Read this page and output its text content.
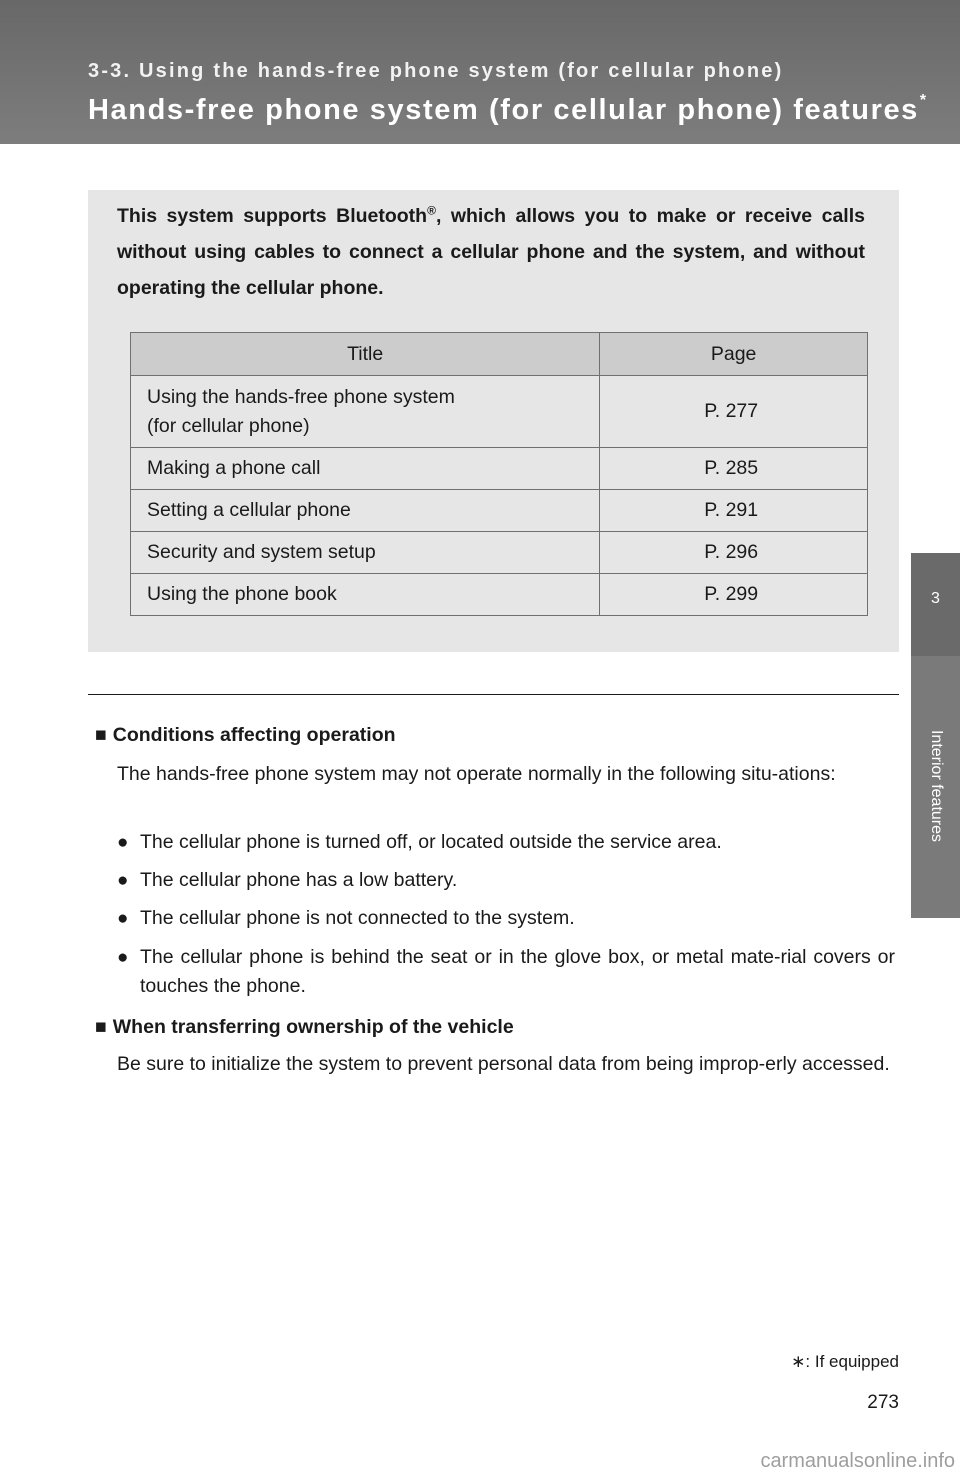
3-3. Using the hands-free phone system (for cellular phone)
Hands-free phone system (for cellular phone) features*
3
Interior features
This system supports Bluetooth®, which allows you to make or receive calls without using cables to connect a cellular phone and the system, and without operating the cellular phone.
Title	Page
Using the hands-free phone system
(for cellular phone)	P. 277
Making a phone call	P. 285
Setting a cellular phone	P. 291
Security and system setup	P. 296
Using the phone book	P. 299
■ Conditions affecting operation
The hands-free phone system may not operate normally in the following situ-ations:
● The cellular phone is turned off, or located outside the service area.
● The cellular phone has a low battery.
● The cellular phone is not connected to the system.
● The cellular phone is behind the seat or in the glove box, or metal mate-rial covers or touches the phone.
■ When transferring ownership of the vehicle
Be sure to initialize the system to prevent personal data from being improp-erly accessed.
∗: If equipped
273
carmanualsonline.info
